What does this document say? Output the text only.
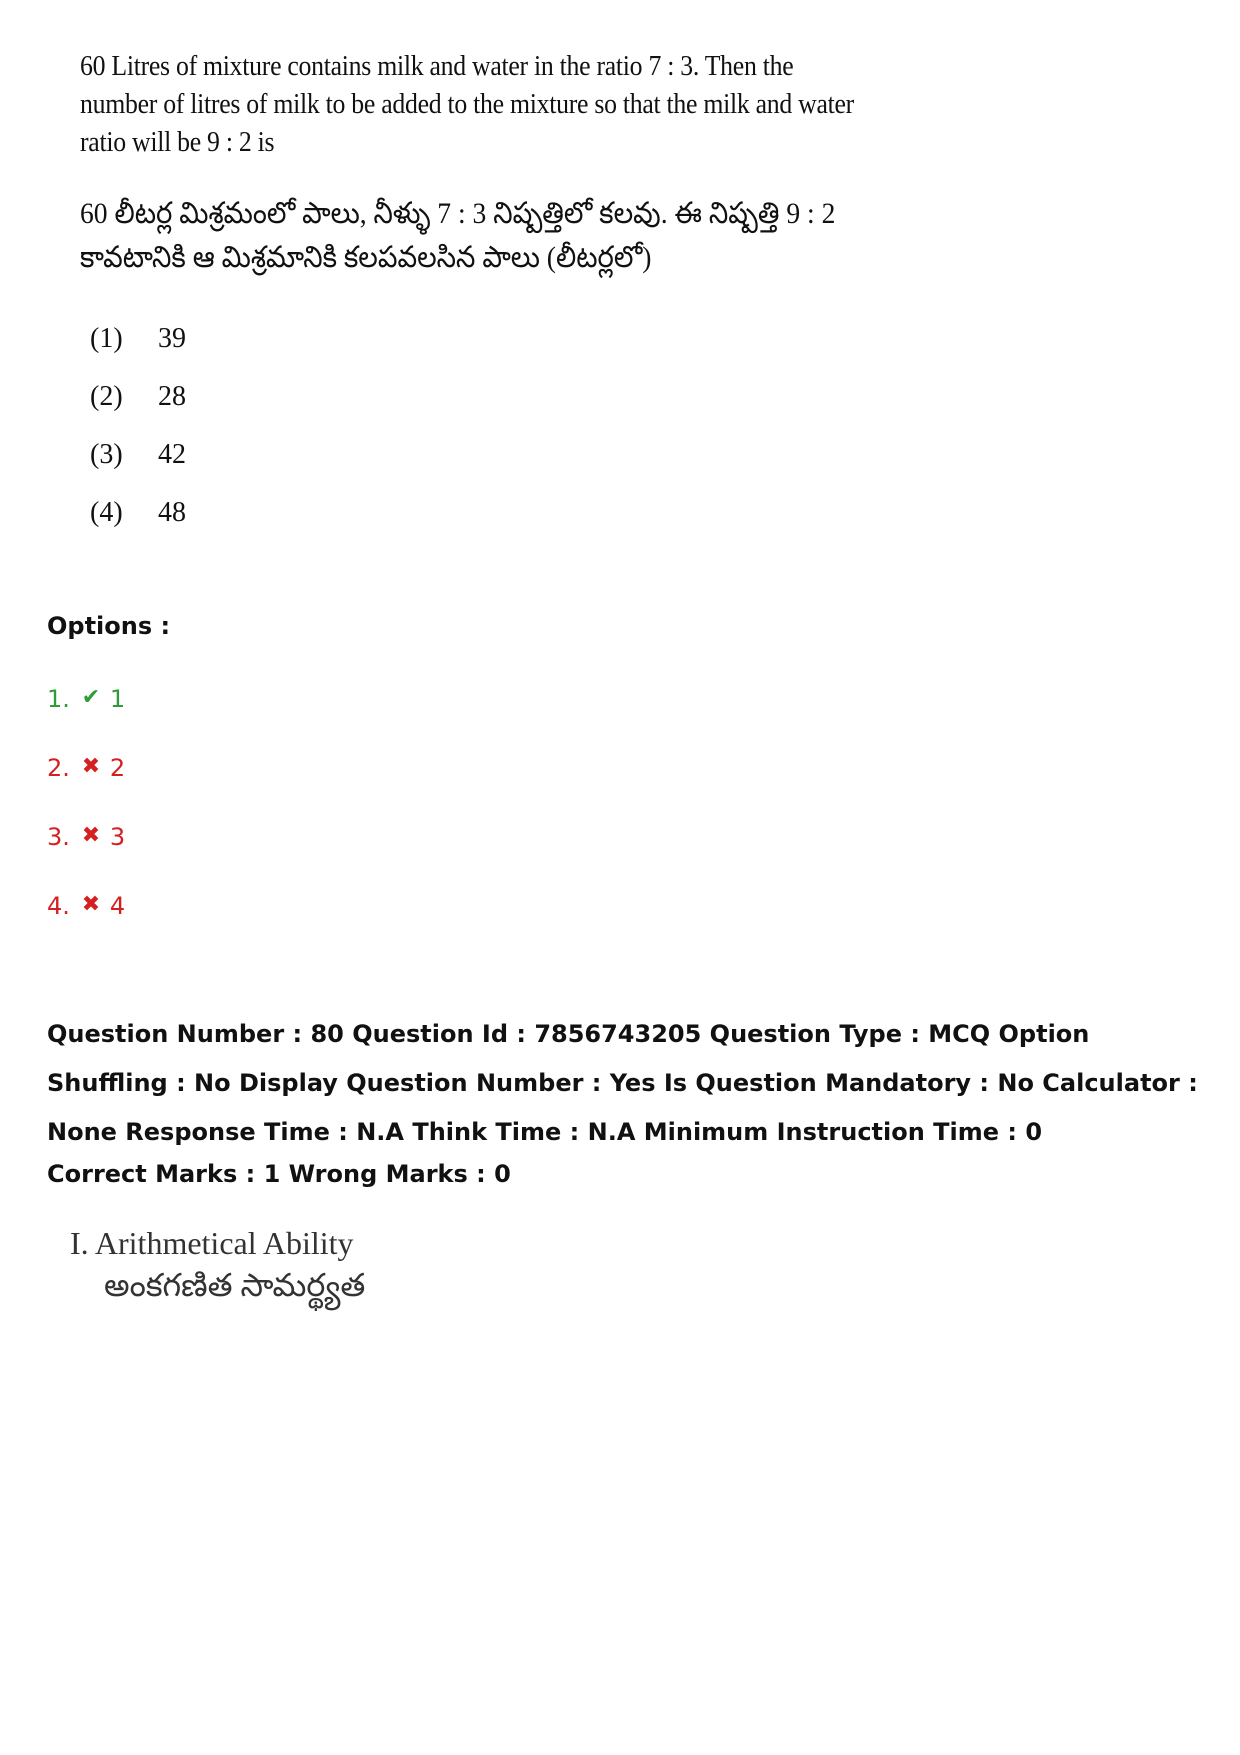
60 Litres of mixture contains milk and water in the ratio 7 : 3. Then the number of litres of milk to be added to the mixture so that the milk and water ratio will be 9 : 2 is

60 లీటర్ల మిశ్రమంలో పాలు, నీళ్ళు 7 : 3 నిష్పత్తిలో కలవు. ఈ నిష్పత్తి 9 : 2 కావటానికి ఆ మిశ్రమానికి కలపవలసిన పాలు (లీటర్లలో)

(1)	39
(2)	28
(3)	42
(4)	48

Options :

1. ✔ 1
2. ✖ 2
3. ✖ 3
4. ✖ 4

Question Number : 80 Question Id : 7856743205 Question Type : MCQ Option Shuffling : No Display Question Number : Yes Is Question Mandatory : No Calculator : None Response Time : N.A Think Time : N.A Minimum Instruction Time : 0

Correct Marks : 1 Wrong Marks : 0

I. Arithmetical Ability
అంకగణిత సామర్థ్యత
